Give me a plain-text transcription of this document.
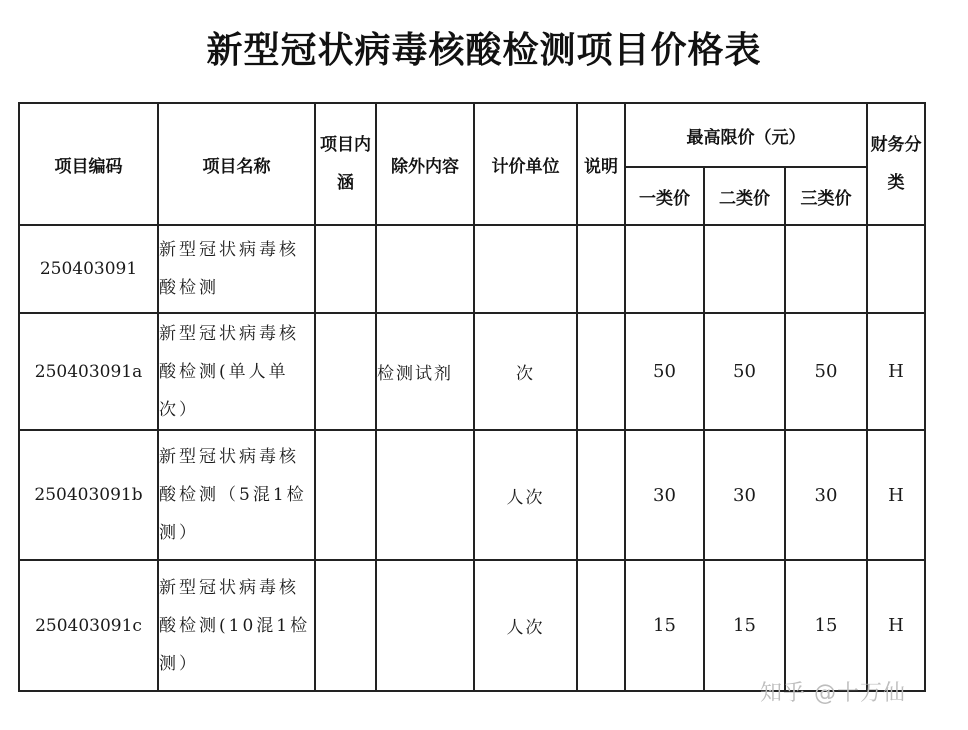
新型冠状病毒核酸检测项目价格表
项目编码	项目名称	项目内涵	除外内容	计价单位	说明	最高限价（元）			财务分类
						一类价	二类价	三类价	
250403091	新型冠状病毒核酸检测								
250403091a	新型冠状病毒核酸检测(单人单次）		检测试剂	次		50	50	50	H
250403091b	新型冠状病毒核酸检测（5混1检测）			人次		30	30	30	H
250403091c	新型冠状病毒核酸检测(10混1检测）			人次		15	15	15	H
知乎 @十万仙
